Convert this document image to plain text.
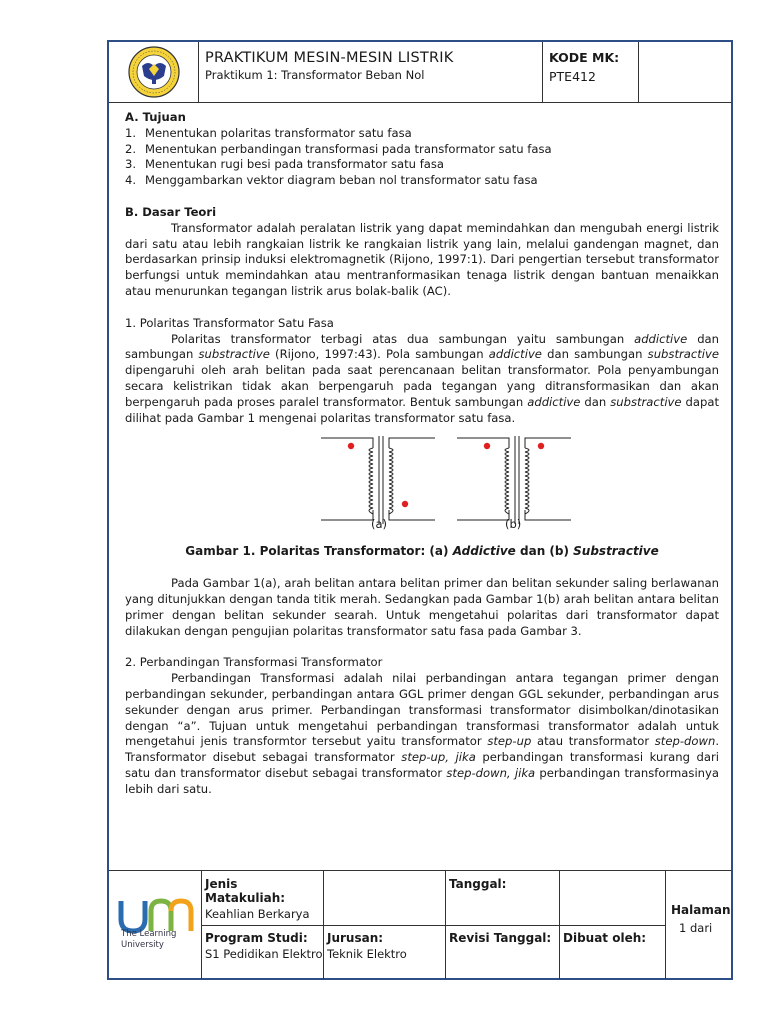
PRAKTIKUM MESIN-MESIN LISTRIK
Praktikum 1: Transformator Beban Nol
KODE MK:
PTE412
A. Tujuan
1. Menentukan polaritas transformator satu fasa
2. Menentukan perbandingan transformasi pada transformator satu fasa
3. Menentukan rugi besi pada transformator satu fasa
4. Menggambarkan vektor diagram beban nol transformator satu fasa
B. Dasar Teori

Transformator adalah peralatan listrik yang dapat memindahkan dan mengubah energi listrik dari satu atau lebih rangkaian listrik ke rangkaian listrik yang lain, melalui gandengan magnet, dan berdasarkan prinsip induksi elektromagnetik (Rijono, 1997:1). Dari pengertian tersebut transformator berfungsi untuk memindahkan atau mentranformasikan tenaga listrik dengan bantuan menaikkan atau menurunkan tegangan listrik arus bolak-balik (AC).

1. Polaritas Transformator Satu Fasa

Polaritas transformator terbagi atas dua sambungan yaitu sambungan addictive dan sambungan substractive (Rijono, 1997:43). Pola sambungan addictive dan sambungan substractive dipengaruhi oleh arah belitan pada saat perencanaan belitan transformator. Pola penyambungan secara kelistrikan tidak akan berpengaruh pada tegangan yang ditransformasikan dan akan berpengaruh pada proses paralel transformator. Bentuk sambungan addictive dan substractive dapat dilihat pada Gambar 1 mengenai polaritas transformator satu fasa.

(a)	(b)
Gambar 1. Polaritas Transformator: (a) Addictive dan (b) Substractive

Pada Gambar 1(a), arah belitan antara belitan primer dan belitan sekunder saling berlawanan yang ditunjukkan dengan tanda titik merah. Sedangkan pada Gambar 1(b) arah belitan antara belitan primer dengan belitan sekunder searah. Untuk mengetahui polaritas dari transformator dapat dilakukan dengan pengujian polaritas transformator satu fasa pada Gambar 3.

2. Perbandingan Transformasi Transformator

Perbandingan Transformasi adalah nilai perbandingan antara tegangan primer dengan perbandingan sekunder, perbandingan antara GGL primer dengan GGL sekunder, perbandingan arus sekunder dengan arus primer. Perbandingan transformasi transformator disimbolkan/dinotasikan dengan “a”. Tujuan untuk mengetahui perbandingan transformasi transformator adalah untuk mengetahui jenis transformtor tersebut yaitu transformator step-up atau transformator step-down. Transformator disebut sebagai transformator step-up, jika perbandingan transformasi kurang dari satu dan transformator disebut sebagai transformator step-down, jika perbandingan transformasinya lebih dari satu.

The Learning
University
Jenis Matakuliah:
Keahlian Berkarya
Tanggal:
Halaman
1 dari
Program Studi:
S1 Pedidikan Elektro
Jurusan:
Teknik Elektro
Revisi Tanggal: Dibuat oleh:
